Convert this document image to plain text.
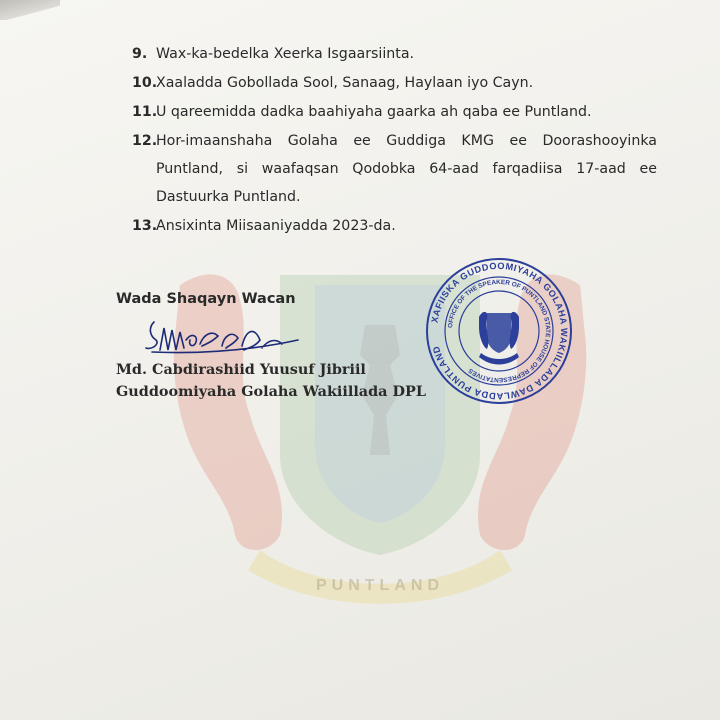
PUNTLAND
9. Wax-ka-bedelka Xeerka Isgaarsiinta.
10.
Xaaladda Gobollada Sool, Sanaag, Haylaan iyo Cayn.
11.
U qareemidda dadka baahiyaha gaarka ah qaba ee Puntland.
12.
Hor-imaanshaha Golaha ee Guddiga KMG ee Doorashooyinka Puntland, si waafaqsan Qodobka 64-aad farqadiisa 17-aad ee Dastuurka Puntland.
13.
Ansixinta Miisaaniyadda 2023-da.
Wada Shaqayn Wacan
Md. Cabdirashiid Yuusuf Jibriil
Guddoomiyaha Golaha Wakiillada DPL
XAFIISKA GUDDOOMIYAHA GOLAHA WAKIILLADA DAWLADDA PUNTLAND
OFFICE OF THE SPEAKER OF PUNTLAND STATE HOUSE OF REPRESENTATIVES
